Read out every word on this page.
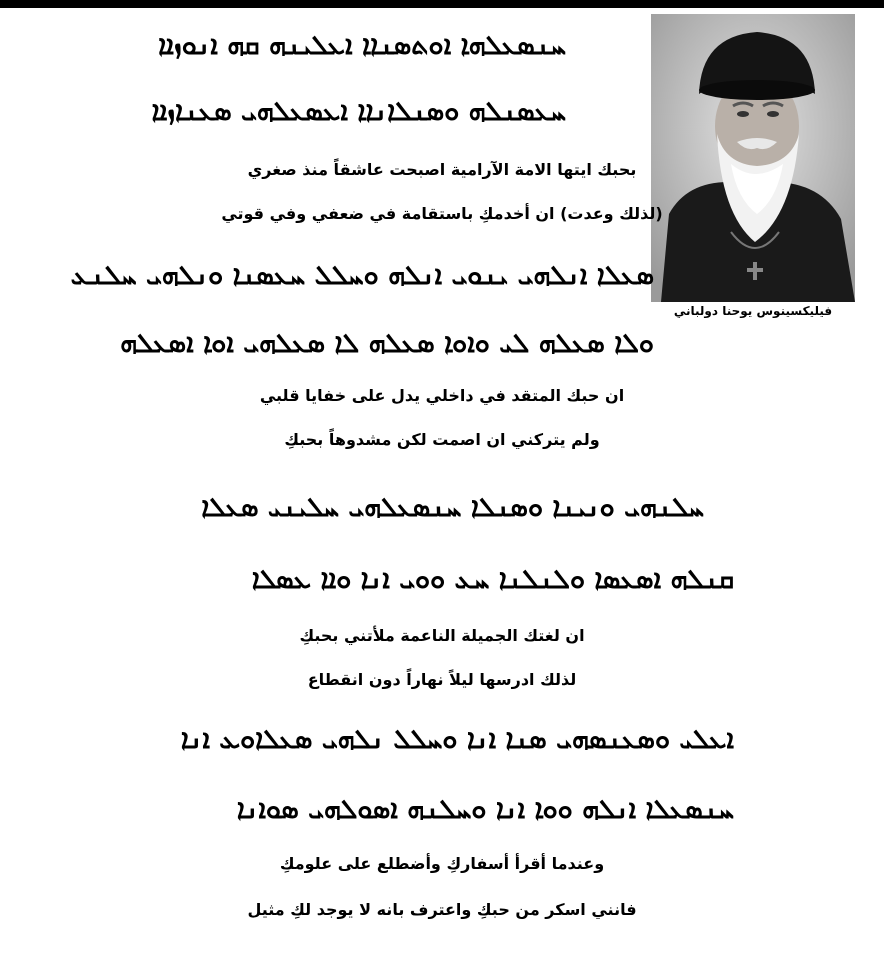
فيليكسينوس يوحنا دولباني
ܚܢܣܥܠܗܐ ܐܘܬܣܢܐܐ ܐܥܠܝܢܗ ܩܗ ܐܢܘܙܐܐ
ܚܥܣܢܠܗ ܘܣܢܠܐܢܐܐ ܐܥܣܥܠܗܝ ܣܥܢܐܙܐܐ
بحبك ايتها الامة الآرامية اصبحت عاشقاً منذ صغري
(لذلك وعدت) ان أخدمكِ باستقامة في ضعفي وفي قوتي
ܣܥܠܐ ܐܢܠܗܝ ܝܢܘܝ ܐܢܠܗ ܘܚܠܠ ܚܥܣܢܐ ܘܢܠܗܝ ܚܠܢܥ
ܘܠܐ ܣܥܠܗ ܠܝ ܘܐܘܐ ܣܥܠܗ ܠܐ ܣܥܠܗܝ ܐܘܐ ܐܣܥܠܗ
ان حبك المتقد في داخلي يدل على خفايا قلبي
ولم يتركني ان اصمت لكن مشدوهاً بحبكِ
ܚܠܢܗܝ ܘܢܝܢܐ ܘܣܢܠܐ ܚܢܣܥܠܗܝ ܚܠܝܢܝ ܣܥܠܐ
ܩܢܠܗ ܐܣܥܣܐ ܘܠܢܠܢܐ ܚܥ ܘܘܝ ܐܢܐ ܘܐܐ ܥܣܠܐ
ان لغتك الجميلة الناعمة ملأتني بحبكِ
لذلك ادرسها ليلاً نهاراً دون انقطاع
ܐܥܠܝ ܘܣܥܢܣܗܝ ܣܢܐ ܐܢܐ ܘܚܠܠ ܢܠܗܝ ܣܥܠܐܘܥ ܐܢܐ
ܚܢܣܥܠܐ ܐܢܠܗ ܘܘܐ ܐܢܐ ܘܚܠܢܗ ܐܣܘܠܗܝ ܣܘܐܢܐ
وعندما أقرأ أسفاركِ وأضطلع على علومكِ
فانني اسكر من حبكِ واعترف بانه لا يوجد لكِ مثيل
